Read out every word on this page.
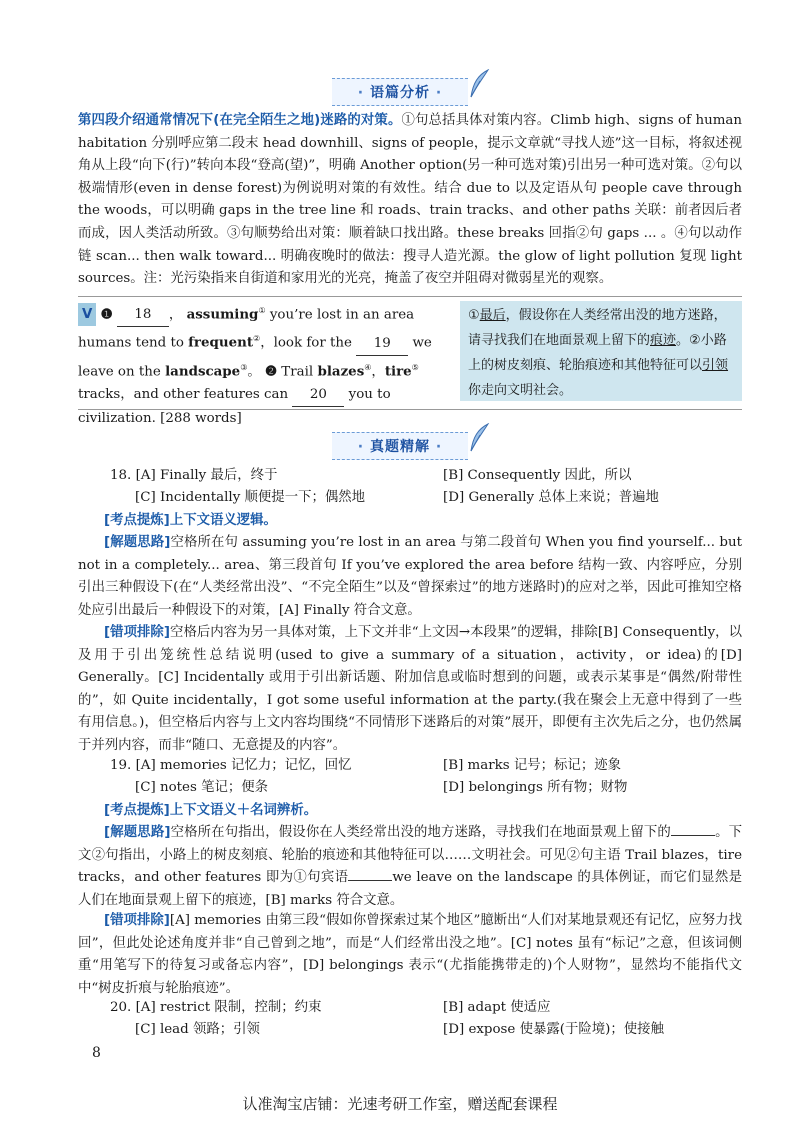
· 语篇分析 ·
第四段介绍通常情况下(在完全陌生之地)迷路的对策。①句总括具体对策内容。Climb high、signs of human habitation 分别呼应第二段末 head downhill、signs of people，提示文章就“寻找人迹”这一目标，将叙述视角从上段“向下(行)”转向本段“登高(望)”，明确 Another option(另一种可选对策)引出另一种可选对策。②句以极端情形(even in dense forest)为例说明对策的有效性。结合 due to 以及定语从句 people cave through the woods，可以明确 gaps in the tree line 和 roads、train tracks、and other paths 关联：前者因后者而成，因人类活动所致。③句顺势给出对策：顺着缺口找出路。these breaks 回指②句 gaps ... 。④句以动作链 scan... then walk toward... 明确夜晚时的做法：搜寻人造光源。the glow of light pollution 复现 light sources。注：光污染指来自街道和家用光的光亮，掩盖了夜空并阻碍对微弱星光的观察。
V ❶ 18 ， assuming① you’re lost in an area humans tend to frequent②，look for the 19 we leave on the landscape③。 ❷ Trail blazes④，tire⑤ tracks，and other features can 20 you to civilization. [288 words]
①最后，假设你在人类经常出没的地方迷路，请寻找我们在地面景观上留下的痕迹。②小路上的树皮刻痕、轮胎痕迹和其他特征可以引领你走向文明社会。
· 真题精解 ·
18. [A] Finally 最后，终于	[B] Consequently 因此，所以
[C] Incidentally 顺便提一下；偶然地	[D] Generally 总体上来说；普遍地
[考点提炼]上下文语义逻辑。
[解题思路]空格所在句 assuming you’re lost in an area 与第二段首句 When you find yourself... but not in a completely... area、第三段首句 If you’ve explored the area before 结构一致、内容呼应，分别引出三种假设下(在“人类经常出没”、“不完全陌生”以及“曾探索过”的地方迷路时)的应对之举，因此可推知空格处应引出最后一种假设下的对策，[A] Finally 符合文意。
[错项排除]空格后内容为另一具体对策，上下文并非“上文因→本段果”的逻辑，排除[B] Consequently，以及用于引出笼统性总结说明(used to give a summary of a situation，activity，or idea)的[D] Generally。[C] Incidentally 或用于引出新话题、附加信息或临时想到的问题，或表示某事是“偶然/附带性的”，如 Quite incidentally，I got some useful information at the party.(我在聚会上无意中得到了一些有用信息。)，但空格后内容与上文内容均围绕“不同情形下迷路后的对策”展开，即便有主次先后之分，也仍然属于并列内容，而非“随口、无意提及的内容”。
19. [A] memories 记忆力；记忆，回忆	[B] marks 记号；标记；迹象
[C] notes 笔记；便条	[D] belongings 所有物；财物
[考点提炼]上下文语义＋名词辨析。
[解题思路]空格所在句指出，假设你在人类经常出没的地方迷路，寻找我们在地面景观上留下的	。下文②句指出，小路上的树皮刻痕、轮胎的痕迹和其他特征可以……文明社会。可见②句主语 Trail blazes，tire tracks，and other features 即为①句宾语	we leave on the landscape 的具体例证，而它们显然是人们在地面景观上留下的痕迹，[B] marks 符合文意。
[错项排除][A] memories 由第三段“假如你曾探索过某个地区”臆断出“人们对某地景观还有记忆，应努力找回”，但此处论述角度并非“自己曾到之地”，而是“人们经常出没之地”。[C] notes 虽有“标记”之意，但该词侧重“用笔写下的待复习或备忘内容”，[D] belongings 表示“(尤指能携带走的)个人财物”，显然均不能指代文中“树皮折痕与轮胎痕迹”。
20. [A] restrict 限制，控制；约束	[B] adapt 使适应
[C] lead 领路；引领	[D] expose 使暴露(于险境)；使接触
8
认准淘宝店铺：光速考研工作室，赠送配套课程
